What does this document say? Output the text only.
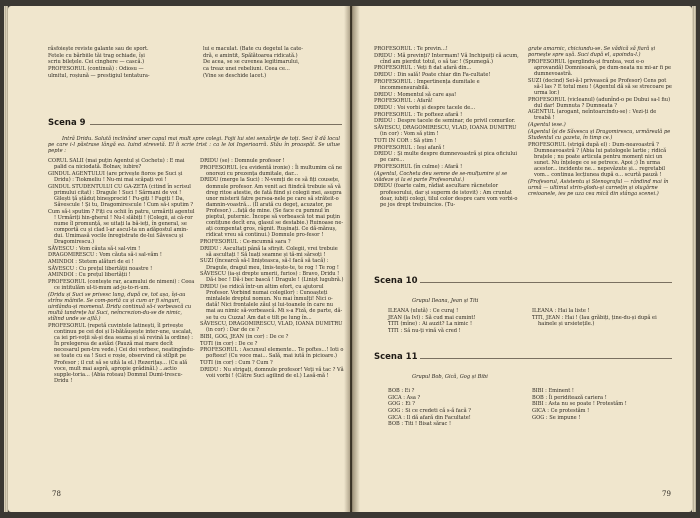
răsfoiește reviste galante sau de sport.
Fetele cu bărbiile tăi trag ochiade, își
scriu bilețele. Cei cinghere — cască.)
PROFESORUL (continuă) : Odiosu —
ulmitul, roșiună — prestigiul tentatura-
lui e maculat. (Bate cu degetul la cate-
dră, e amintit, Spălătoarea ridicată.)
De acea, se se cuvenea legitimarului,
ca treaz unei rebeliuni. Ceea ce...
(Vine se deschide lacet.)
Scena 9
Intrã Dridu. Salută inclinând uner capul mai mult spre colegi. Fojii lui stei senzărije de toți. Seci îl dă locul pe care i-l păstrase lângă ea. Iuind strevetă. El îi scrie trist : ca le loi Ingerioarră. Stău în proaspăt. Se uitue pepte :
CORUL SALII (mai puțin Agentul și Cochetu) : E mai palid ca niciodată. Bolnav, iubire?
GINDUL AGENTULUI (are privește fioros pe Suci și Dridu) : Tiokmeliu ! Nu-mi mai scăpați voi !
GINDUL STUDENTULUI CU GA-ZETA (citind în scrisul primului citat) : Dragule ! Suci ! Sărmani de voi ! Gilești ță ștăduț bineșprocid ! Fu-giți ! Fugiți ! Da, Săvescule ! Și tu, Dragomirescule ! Cum să-i sputim ?
Cum să-i sputim ? Fiți cu ochii în patru, urmăriți agentul ! Urmăriți hin-gherul ! Nu-l slăbiți ! (Colegii, ai că-ror nume îl promunță, se uitați la bă-ieți, în general, se comportă cu și clad l-ar ascul-ta un adăpostul amin-dui. Umimasă vocile înregistrate de-lui Săvescu și Dragomirescu.)
SĂVESCU : Vom căuta să-i sal-vim !
DRAGOMIRESCU : Vom căuta să-i sal-văm !
AMINDOI : Stetem alături de ei !
SĂVESCU : Cu prețul libertății noastre !
AMINDOI : Cu prețul libertății !
PROFESORUL (contește rar, acamului de nimeni) : Ceea ce intitulăm ul-ti-mum ad-ju-to-ri-um.
(Dridu și Suci se privesc lung, după ce, tot așa, își-au strîns mâinile. Se com-portă ca și cum ar fi singuri, uirdându-și momenul. Dridu continuă să-i vorbească cu multă tandrețe lui Suci, neîncrezion-du-se de nimic, stîlind unde se află.)
PROFESORUL (repetă cuvintele latinești, îl privește continuu pe cei doi și li-bătăușește inter-une, uscalat, ca iei pri-voții să-și dea seama și să revină la ordine) : În prelegerea de astăzi (Pauză mai mare decît necesarul pen-tru vede.) Cei doi vorbesc, neatingîndu-se toate cu ea ! Suci e roșie, observind că stîlpit pe Profesor ; il cut să se uită la el.) Rezerițaș... (Cu ală voce, mult mai aspră, apropie grădinăl.) ...actio supple-toria... (Abia roteau) Domnul Dumi-trescu-Dridu !
DRIDU (se) : Domnule profesor !
PROFESORUL (cu evidentă ironie) : Îi multumim că ne onorezi cu prezența dumitale, dar...
DRIDU (merge la Suci) : N-vemți de ce să fiți cousețe, domnule profesor. Am venit aci fiindcă trebuie să vă dreg ritoe atestie, de fatâ fiind și colegii mei, asupra unor misterii fatre persoa-nele pe care să străteit-o damnin-voastră... (Îl arată cu degeț, acuzator, pe Profesor.) ...față de mine. (Se face cu pumnul în pieptul, puternic. Încope să vorbească tot mai puțin contițune decît era, glasul se destabie.) Ruinoase ne-ați compentat gros, râgnit. Rușinați. Ce dă-mănuș, ridicat vreu să continui.) Domnule pro-fesor !
PROFESORUL : Ce-mcumnă sara ?
DRIDU : Ascultați până la sfirșit. Colegii, vrei trebuie să ascultați ! Să luați seamne și tă-mi sărsoți !
SUZI (încearcă să-l linișteasca, să-l facă să tacă) : Dragule, dragul meu, linis-tește-te, te rog ! Te rog !
SĂVESCU (ia-și drepte umerii, furios) : Bravo, Dridu ! Dă-i bec ! Dă-i bec bască ! Dragule ! (Linișt lugubră.)
DRIDU (se ridică într-un altim efort, cu ajutorul Profesor. Vorbind numai colegilor) : Cunoașteți mintalele dreptul nomun. Nu mai înmulți! Nici o-dată! Nici frontalele zăul și lui-toanele în care nu mai au nimic să-vorbească. Mi s-a Fiză, de parte, dă-se tu cu Cuzza! Am dat e tilt pe lung în...
SĂVESCU, DRAGOMIRESCU, VLAD, IOANA DUMITRU (in cor) : Dar de ce ?
BIBI, GOG, JEAN (in cor) : De ce ?
TOTI (in cor) : De ce ?
PROFESORUL : Ascunsul elemente... Te poftes...! Ioti o pofteez! (Cu voce mai... Sală, mai iută în picioare.)
TOTI (in cor) : Cum ? Cum ?
DRIDU : Nu strigați, domnule profesor! Veți vă tac ? Vă voii vorbi ! (Către Suci agilind de el.) Lasă-mă !
78
PROFESORUL : Te previn...!
DRIDU : Mă previnți? Intermam! Vă Inchipuiți că acum, cînd am pierdut totul, o să tac ! (Spumegă.)
PROFESORUL : Veți fi dat afară din...
DRIDU : Din sală! Poate chiar din Fa-cultate!
PROFESORUL : Impertinența dumitale e incommensurabilă.
DRIDU : Momentul să care așa!
PROFESORUL : Afară!
DRIDU : Voi vorbi și despre tacele de...
PROFESORUL : Te pofteez afară !
DRIDU : Despre tacele de seminar, de privil comurilor.
SĂVESCU, DRAGOMIRESCU, VLAD, IOANA DUMITRU (in cor) : Vom să știm !
TOTI IN COR : Să știm !
PROFESORUL : Ieși afară !
DRIDU : Și multe despre dumnevoastră și pica oficiului pe care...
PROFESORUL (în culme) : Afară !
(Agentul, Cocheta deu semne de se-mulțumire și se viădeze și la ei parte Profesorului.)
DRIDU (foarte calm, rădiat ascultare răcnetelor profesorului, dar și superm de istovit) : Am cruntat doar, iubiți colegi, tilul color despre care vom vorbi-o pe jos drept trebuincios. (Tu-
grate amarnic, chiciundu-se. Se vădică să fiară și pornește spre ușă. Suci după el, apoindu-l.)
PROFESORUL (gerglindu-și fruntea, vezi e-o aprovandă) Domnisoară, pe dum-neata nu mi-ar fi pe dumnevoastră.
SUZI (decind) Sei-ă-l privească pe Profesor) Cens pot să-l las ? E totul meu ! (Agentul dă să se strecoare pe urma lor.)
PROFESORUL (vicleanul) (adunînd-o pe Dubui sa-l fiu) dul dar! Dumnuta ? Dumneata ?
AGENTUL (arogant, neîntoarcindu-se) : Vezi-ți de treabă !
(Agentul iese.)
(Agentul își de Săvescu și Dragomirescu, urmăreală pe Studentul cu gazeta, în timp ce.)
PROFESORUL (strigă după el) : Dum-neavoastră ? Dumneavoastră ? (Abia lui patologele lartie ; ridică brațele ; nu poate articula pentru moment nici un sunet. Nu înțelege ce se petrece. Apoi ;) În urma acestor... incidente ne... nepevăzute și... regretabil vom... continua lecțiunea după o... scurtă pauză !
(Profesorul, Asistentu și Stenograful — rândind mai în urmă — ultimul strin-glodu-și carnețin și olugărne creioanele, ies pe uza cea mică din stânga scenei.)
Scena 10
Grupul Ileana, Jean și Titi
ILEANA (ulută) : Ce curaj !
JEAN (la Ivl) : Să cud mai cumint!
TITI (mîne) : Ai auzit? La nimic !
TITI : Să nu-ți vină vă cred !
ILEANA : Hai la liste !
TITI, JEAN : Hai ! (Iau grăbiți, ține-du-și după ei hainele și ursietețile.)
Scena 11
Grupul Bob, Gică, Gog și Bibi
BOB : Ei ?
GICA : Asa ?
GOG : Ei ?
GOG : Si ce credeti că s-ă facă ?
GICA : Il dă afară din Facultate!
BOB : Titi ! Bisat sărac !
BIBI : Eminent !
BOB : Îi periditează cariera !
BIBI : Asta nu se poate ! Protestăm !
GICA : Ce protestăm !
GOG : Se impune !
79
